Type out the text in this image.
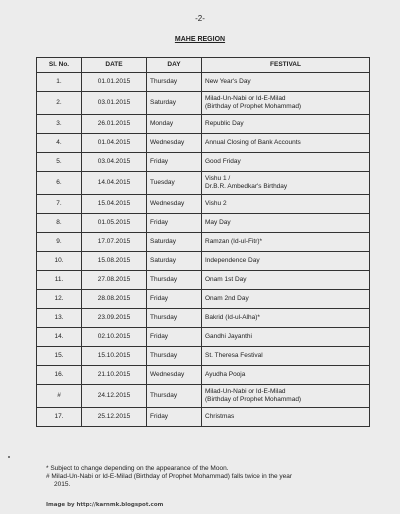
-2-
MAHE REGION
Sl. No.	DATE	DAY	FESTIVAL
1.	01.01.2015	Thursday	New Year's Day

2.	03.01.2015	Saturday	Milad-Un-Nabi or Id-E-Milad
(Birthday of Prophet Mohammad)

3.	26.01.2015	Monday	Republic Day

4.	01.04.2015	Wednesday	Annual Closing of Bank Accounts

5.	03.04.2015	Friday	Good Friday

6.	14.04.2015	Tuesday	Vishu 1 /
Dr.B.R. Ambedkar's Birthday

7.	15.04.2015	Wednesday	Vishu 2

8.	01.05.2015	Friday	May Day

9.	17.07.2015	Saturday	Ramzan (Id-ul-Fitr)*

10.	15.08.2015	Saturday	Independence Day

11.	27.08.2015	Thursday	Onam 1st Day

12.	28.08.2015	Friday	Onam 2nd Day

13.	23.09.2015	Thursday	Bakrid (Id-ul-Alha)*

14.	02.10.2015	Friday	Gandhi Jayanthi

15.	15.10.2015	Thursday	St. Theresa Festival

16.	21.10.2015	Wednesday	Ayudha Pooja

#	24.12.2015	Thursday	Milad-Un-Nabi or Id-E-Milad
(Birthday of Prophet Mohammad)

17.	25.12.2015	Friday	Christmas

* Subject to change depending on the appearance of the Moon.

# Milad-Un-Nabi or Id-E-Milad (Birthday of Prophet Mohammad) falls twice in the year

2015.

Image by http://karnmk.blogspot.com
